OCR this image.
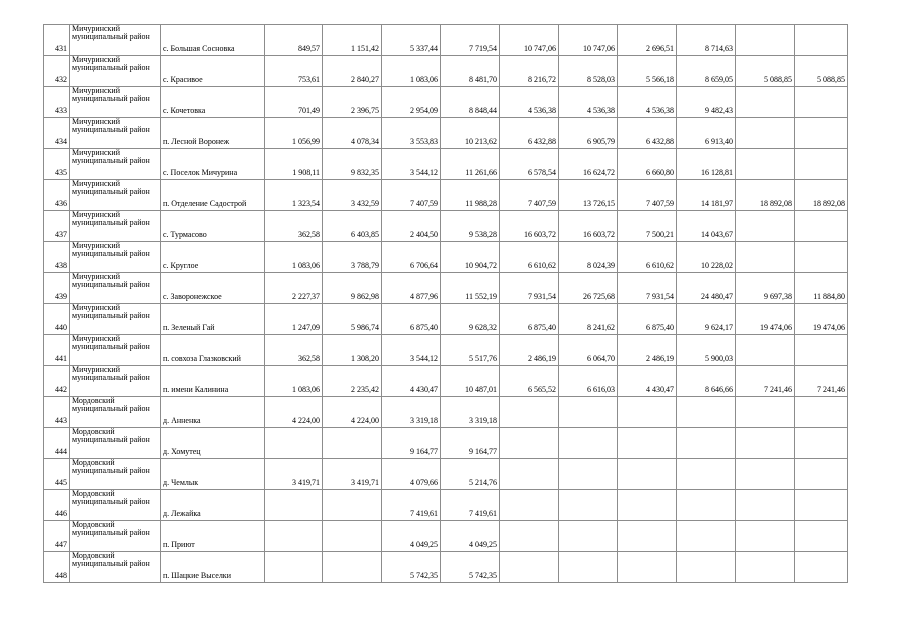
431	Мичуринский муниципальный район	с. Большая Сосновка	849,57	1 151,42	5 337,44	7 719,54	10 747,06	10 747,06	2 696,51	8 714,63		
432	Мичуринский муниципальный район	с. Красивое	753,61	2 840,27	1 083,06	8 481,70	8 216,72	8 528,03	5 566,18	8 659,05	5 088,85	5 088,85
433	Мичуринский муниципальный район	с. Кочетовка	701,49	2 396,75	2 954,09	8 848,44	4 536,38	4 536,38	4 536,38	9 482,43		
434	Мичуринский муниципальный район	п. Лесной Воронеж	1 056,99	4 078,34	3 553,83	10 213,62	6 432,88	6 905,79	6 432,88	6 913,40		
435	Мичуринский муниципальный район	с. Поселок Мичурина	1 908,11	9 832,35	3 544,12	11 261,66	6 578,54	16 624,72	6 660,80	16 128,81		
436	Мичуринский муниципальный район	п. Отделение Садострой	1 323,54	3 432,59	7 407,59	11 988,28	7 407,59	13 726,15	7 407,59	14 181,97	18 892,08	18 892,08
437	Мичуринский муниципальный район	с. Турмасово	362,58	6 403,85	2 404,50	9 538,28	16 603,72	16 603,72	7 500,21	14 043,67		
438	Мичуринский муниципальный район	с. Круглое	1 083,06	3 788,79	6 706,64	10 904,72	6 610,62	8 024,39	6 610,62	10 228,02		
439	Мичуринский муниципальный район	с. Заворонежское	2 227,37	9 862,98	4 877,96	11 552,19	7 931,54	26 725,68	7 931,54	24 480,47	9 697,38	11 884,80
440	Мичуринский муниципальный район	п. Зеленый Гай	1 247,09	5 986,74	6 875,40	9 628,32	6 875,40	8 241,62	6 875,40	9 624,17	19 474,06	19 474,06
441	Мичуринский муниципальный район	п. совхоза Глазковский	362,58	1 308,20	3 544,12	5 517,76	2 486,19	6 064,70	2 486,19	5 900,03		
442	Мичуринский муниципальный район	п. имени Калинина	1 083,06	2 235,42	4 430,47	10 487,01	6 565,52	6 616,03	4 430,47	8 646,66	7 241,46	7 241,46
443	Мордовский муниципальный район	д. Анненка	4 224,00	4 224,00	3 319,18	3 319,18						
444	Мордовский муниципальный район	д. Хомутец			9 164,77	9 164,77						
445	Мордовский муниципальный район	д. Чемлык	3 419,71	3 419,71	4 079,66	5 214,76						
446	Мордовский муниципальный район	д. Лежайка			7 419,61	7 419,61						
447	Мордовский муниципальный район	п. Приют			4 049,25	4 049,25						
448	Мордовский муниципальный район	п. Шацкие Выселки			5 742,35	5 742,35						
